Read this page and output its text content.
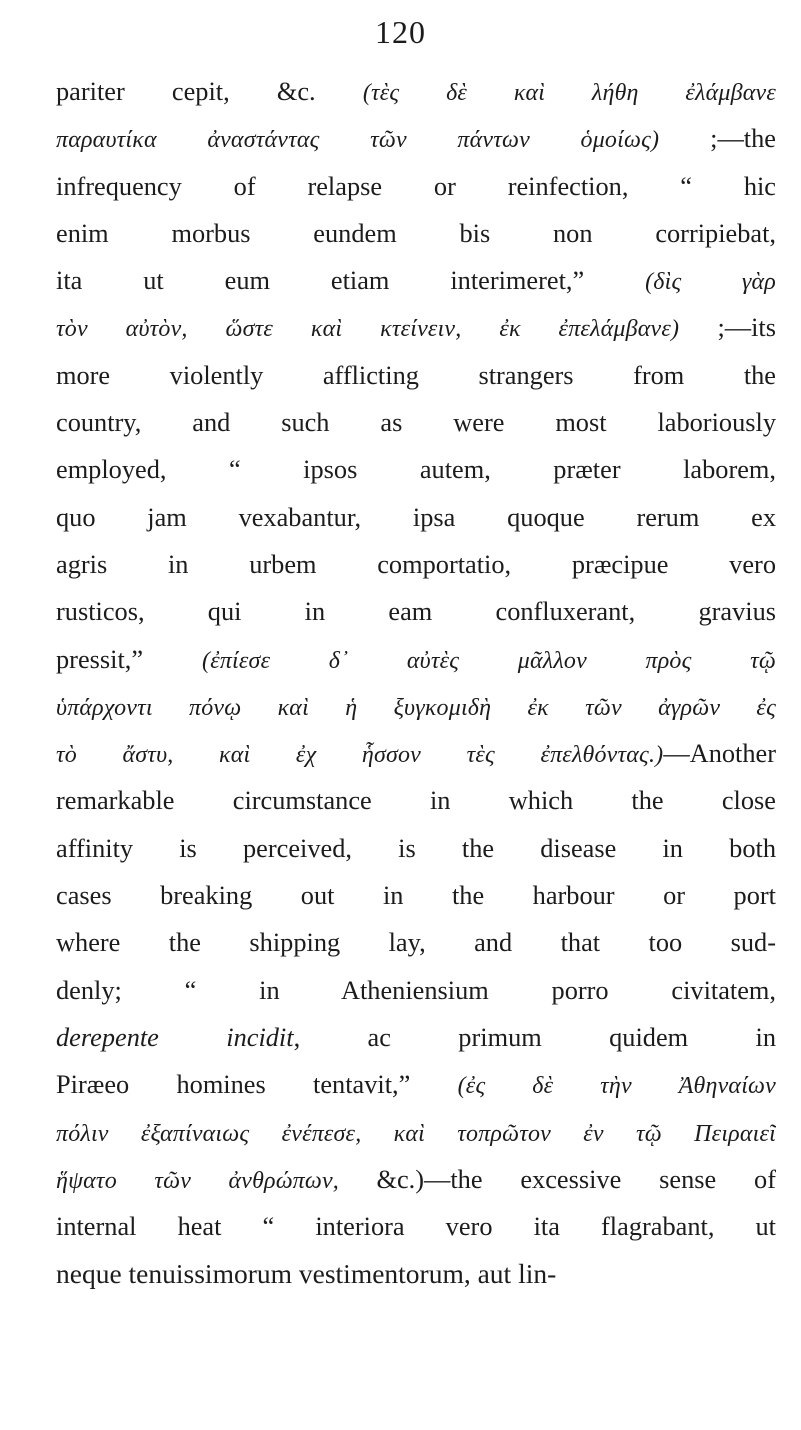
120
pariter cepit, &c. (τὲς δὲ καὶ λήθη ἐλάμβανε
παραυτίκα ἀναστάντας τῶν πάντων ὁμοίως) ;—the
infrequency of relapse or reinfection, “ hic
enim morbus eundem bis non corripiebat,
ita ut eum etiam interimeret,” (δὶς γὰρ
τὸν αὐτὸν, ὥστε καὶ κτείνειν, ἐκ ἐπελάμβανε) ;—its
more violently afflicting strangers from the
country, and such as were most laboriously
employed, “ ipsos autem, præter laborem,
quo jam vexabantur, ipsa quoque rerum ex
agris in urbem comportatio, præcipue vero
rusticos, qui in eam confluxerant, gravius
pressit,” (ἐπίεσε δ᾽ αὐτὲς μᾶλλον πρὸς τῷ
ὑπάρχοντι πόνῳ καὶ ἡ ξυγκομιδὴ ἐκ τῶν ἀγρῶν ἐς
τὸ ἄστυ, καὶ ἐχ ἧσσον τὲς ἐπελθόντας.)—Another
remarkable circumstance in which the close
affinity is perceived, is the disease in both
cases breaking out in the harbour or port
where the shipping lay, and that too sud-
denly; “ in Atheniensium porro civitatem,
derepente incidit, ac primum quidem in
Piræeo homines tentavit,” (ἐς δὲ τὴν Ἀθηναίων
πόλιν ἐξαπίναιως ἐνέπεσε, καὶ τοπρῶτον ἐν τῷ Πειραιεῖ
ἥψατο τῶν ἀνθρώπων, &c.)—the excessive sense of
internal heat “ interiora vero ita flagrabant, ut
neque tenuissimorum vestimentorum, aut lin-
